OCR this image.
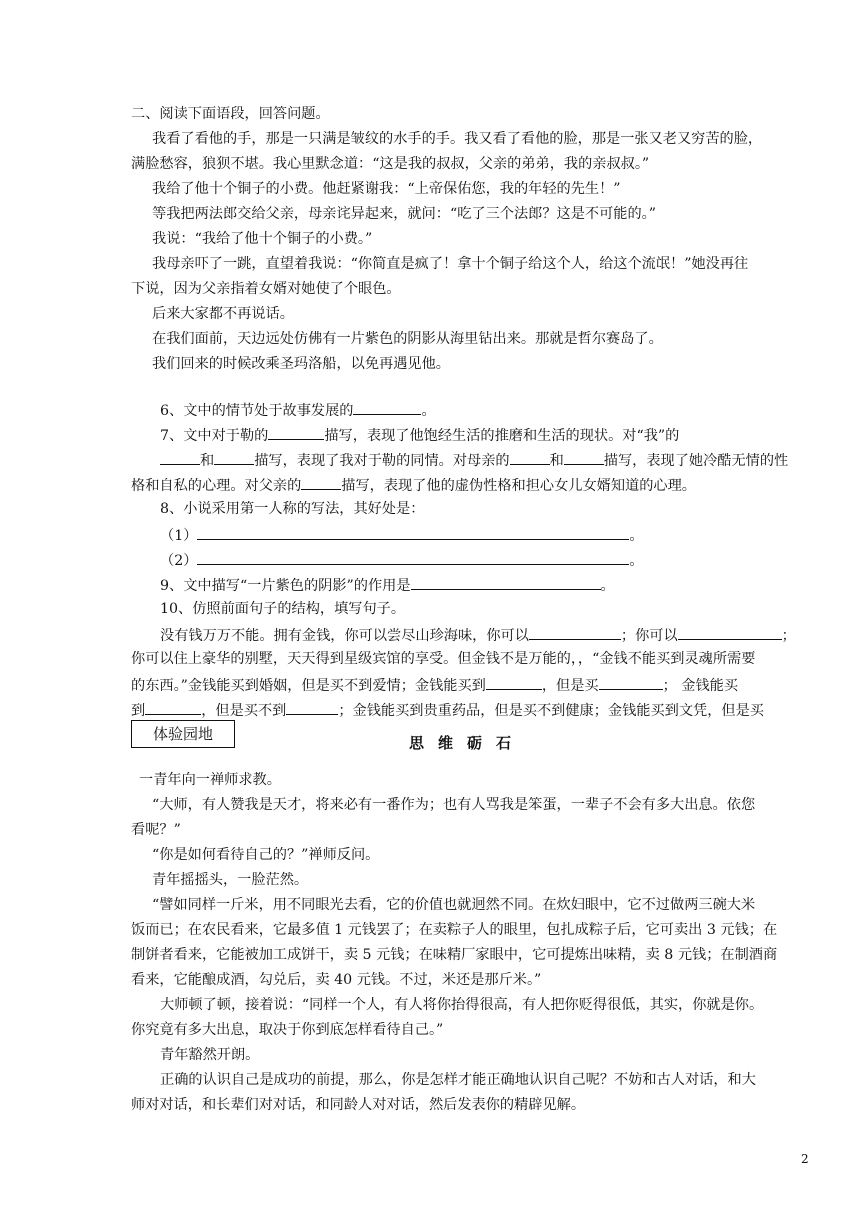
二、阅读下面语段，回答问题。
我看了看他的手，那是一只满是皱纹的水手的手。我又看了看他的脸，那是一张又老又穷苦的脸，
满脸愁容，狼狈不堪。我心里默念道：“这是我的叔叔，父亲的弟弟，我的亲叔叔。”
我给了他十个铜子的小费。他赶紧谢我：“上帝保佑您，我的年轻的先生！”
等我把两法郎交给父亲，母亲诧异起来，就问：“吃了三个法郎？这是不可能的。”
我说：“我给了他十个铜子的小费。”
我母亲吓了一跳，直望着我说：“你简直是疯了！拿十个铜子给这个人，给这个流氓！”她没再往
下说，因为父亲指着女婿对她使了个眼色。
后来大家都不再说话。
在我们面前，天边远处仿佛有一片紫色的阴影从海里钻出来。那就是哲尔赛岛了。
我们回来的时候改乘圣玛洛船，以免再遇见他。
6、文中的情节处于故事发展的	。
7、文中对于勒的	描写，表现了他饱经生活的推磨和生活的现状。对“我”的
和	描写，表现了我对于勒的同情。对母亲的	和	描写，表现了她冷酷无情的性
格和自私的心理。对父亲的	描写，表现了他的虚伪性格和担心女儿女婿知道的心理。
8、小说采用第一人称的写法，其好处是：
（1）	。
（2）	。
9、文中描写“一片紫色的阴影”的作用是	。
10、仿照前面句子的结构，填写句子。
没有钱万万不能。拥有金钱，你可以尝尽山珍海味，你可以	；你可以	；
你可以住上豪华的别墅，天天得到星级宾馆的享受。但金钱不是万能的，，“金钱不能买到灵魂所需要
的东西。”金钱能买到婚姻，但是买不到爱情；金钱能买到	，但是买	； 金钱能买
到	，但是买不到	；金钱能买到贵重药品，但是买不到健康；金钱能买到文凭，但是买
体验园地	思维砺石
一青年向一禅师求教。
“大师，有人赞我是天才，将来必有一番作为；也有人骂我是笨蛋，一辈子不会有多大出息。依您
看呢？”
“你是如何看待自己的？”禅师反问。
青年摇摇头，一脸茫然。
“譬如同样一斤米，用不同眼光去看，它的价值也就迥然不同。在炊妇眼中，它不过做两三碗大米
饭而已；在农民看来，它最多值 1 元钱罢了；在卖粽子人的眼里，包扎成粽子后，它可卖出 3 元钱；在
制饼者看来，它能被加工成饼干，卖 5 元钱；在味精厂家眼中，它可提炼出味精，卖 8 元钱；在制酒商
看来，它能酿成酒，勾兑后，卖 40 元钱。不过，米还是那斤米。”
大师顿了顿，接着说：“同样一个人，有人将你抬得很高，有人把你贬得很低，其实，你就是你。
你究竟有多大出息，取决于你到底怎样看待自己。”
青年豁然开朗。
正确的认识自己是成功的前提，那么，你是怎样才能正确地认识自己呢？不妨和古人对话，和大
师对对话，和长辈们对对话，和同龄人对对话，然后发表你的精辟见解。
2
